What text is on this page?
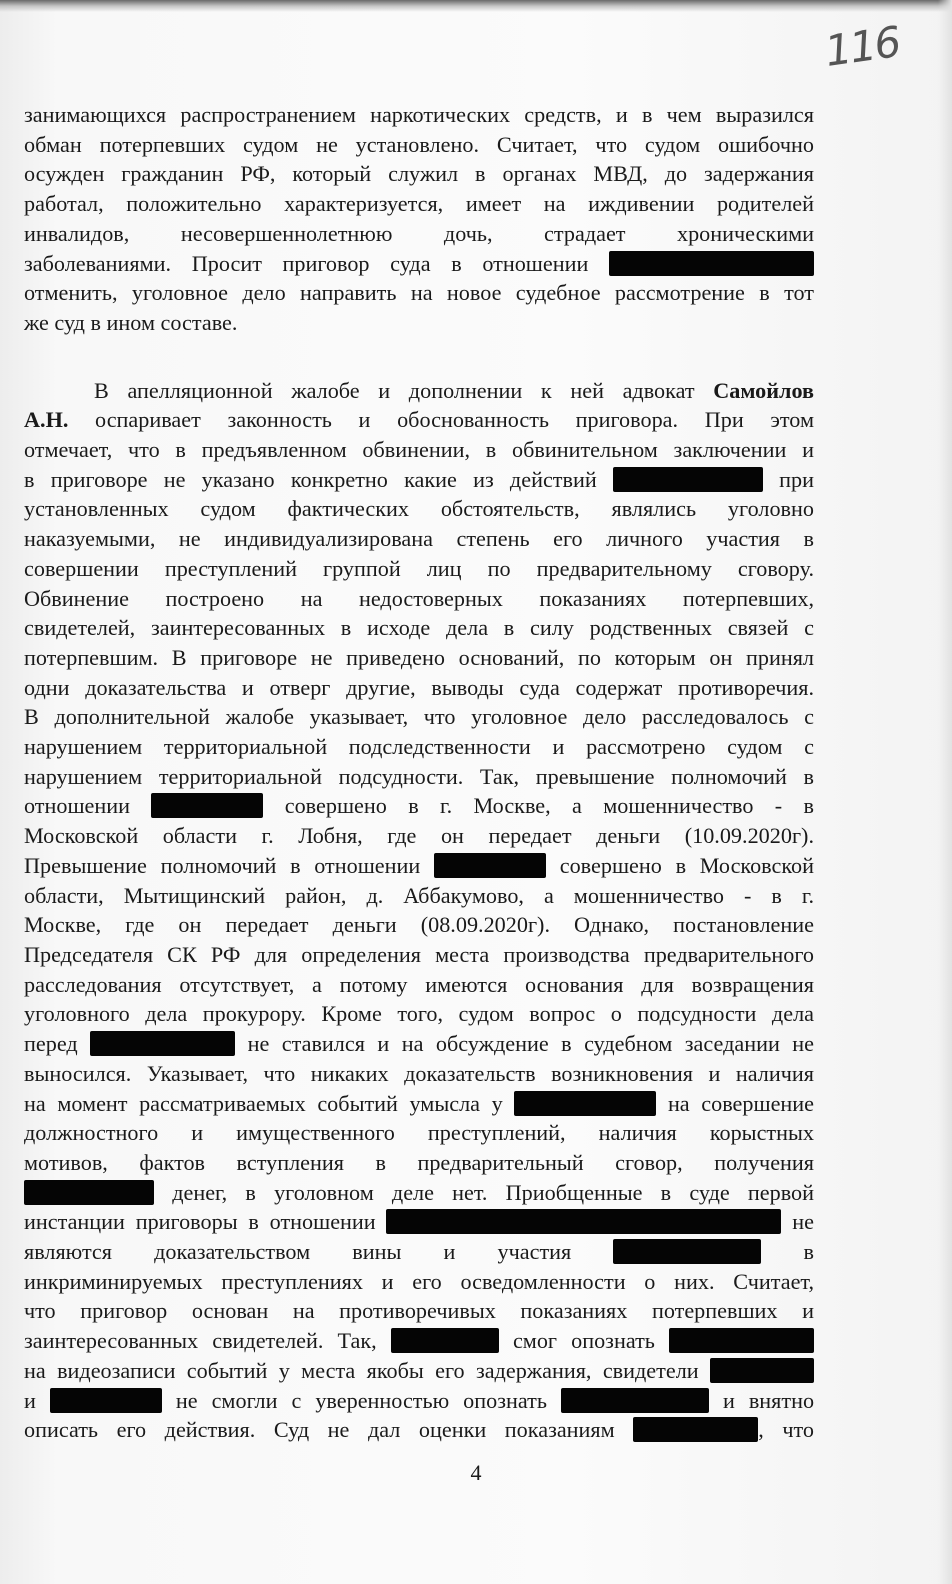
116

занимающихся распространением наркотических средств, и в чем выразился

обман потерпевших судом не установлено. Считает, что судом ошибочно

осужден гражданин РФ, который служил в органах МВД, до задержания

работал, положительно характеризуется, имеет на иждивении родителей

инвалидов, несовершеннолетнюю дочь, страдает хроническими

заболеваниями. Просит приговор суда в отношении

отменить, уголовное дело направить на новое судебное рассмотрение в тот

же суд в ином составе.

В апелляционной жалобе и дополнении к ней адвокат Самойлов

А.Н. оспаривает законность и обоснованность приговора. При этом

отмечает, что в предъявленном обвинении, в обвинительном заключении и

в приговоре не указано конкретно какие из действий	при

установленных судом фактических обстоятельств, являлись уголовно

наказуемыми, не индивидуализирована степень его личного участия в

совершении преступлений группой лиц по предварительному сговору.

Обвинение построено на недостоверных показаниях потерпевших,

свидетелей, заинтересованных в исходе дела в силу родственных связей с

потерпевшим. В приговоре не приведено оснований, по которым он принял

одни доказательства и отверг другие, выводы суда содержат противоречия.

В дополнительной жалобе указывает, что уголовное дело расследовалось с

нарушением территориальной подследственности и рассмотрено судом с

нарушением территориальной подсудности. Так, превышение полномочий в

отношении	совершено в г. Москве, а мошенничество - в

Московской области г. Лобня, где он передает деньги (10.09.2020г).

Превышение полномочий в отношении	совершено в Московской

области, Мытищинский район, д. Аббакумово, а мошенничество - в г.

Москве, где он передает деньги (08.09.2020г). Однако, постановление

Председателя СК РФ для определения места производства предварительного

расследования отсутствует, а потому имеются основания для возвращения

уголовного дела прокурору. Кроме того, судом вопрос о подсудности дела

перед	не ставился и на обсуждение в судебном заседании не

выносился. Указывает, что никаких доказательств возникновения и наличия

на момент рассматриваемых событий умысла у	на совершение

должностного и имущественного преступлений, наличия корыстных

мотивов, фактов вступления в предварительный сговор, получения

денег, в уголовном деле нет. Приобщенные в суде первой

инстанции приговоры в отношении	не

являются доказательством вины и участия	в

инкриминируемых преступлениях и его осведомленности о них. Считает,

что приговор основан на противоречивых показаниях потерпевших и

заинтересованных свидетелей. Так,	смог опознать

на видеозаписи событий у места якобы его задержания, свидетели

и	не смогли с уверенностью опознать	и внятно

описать его действия. Суд не дал оценки показаниям	, что

4
